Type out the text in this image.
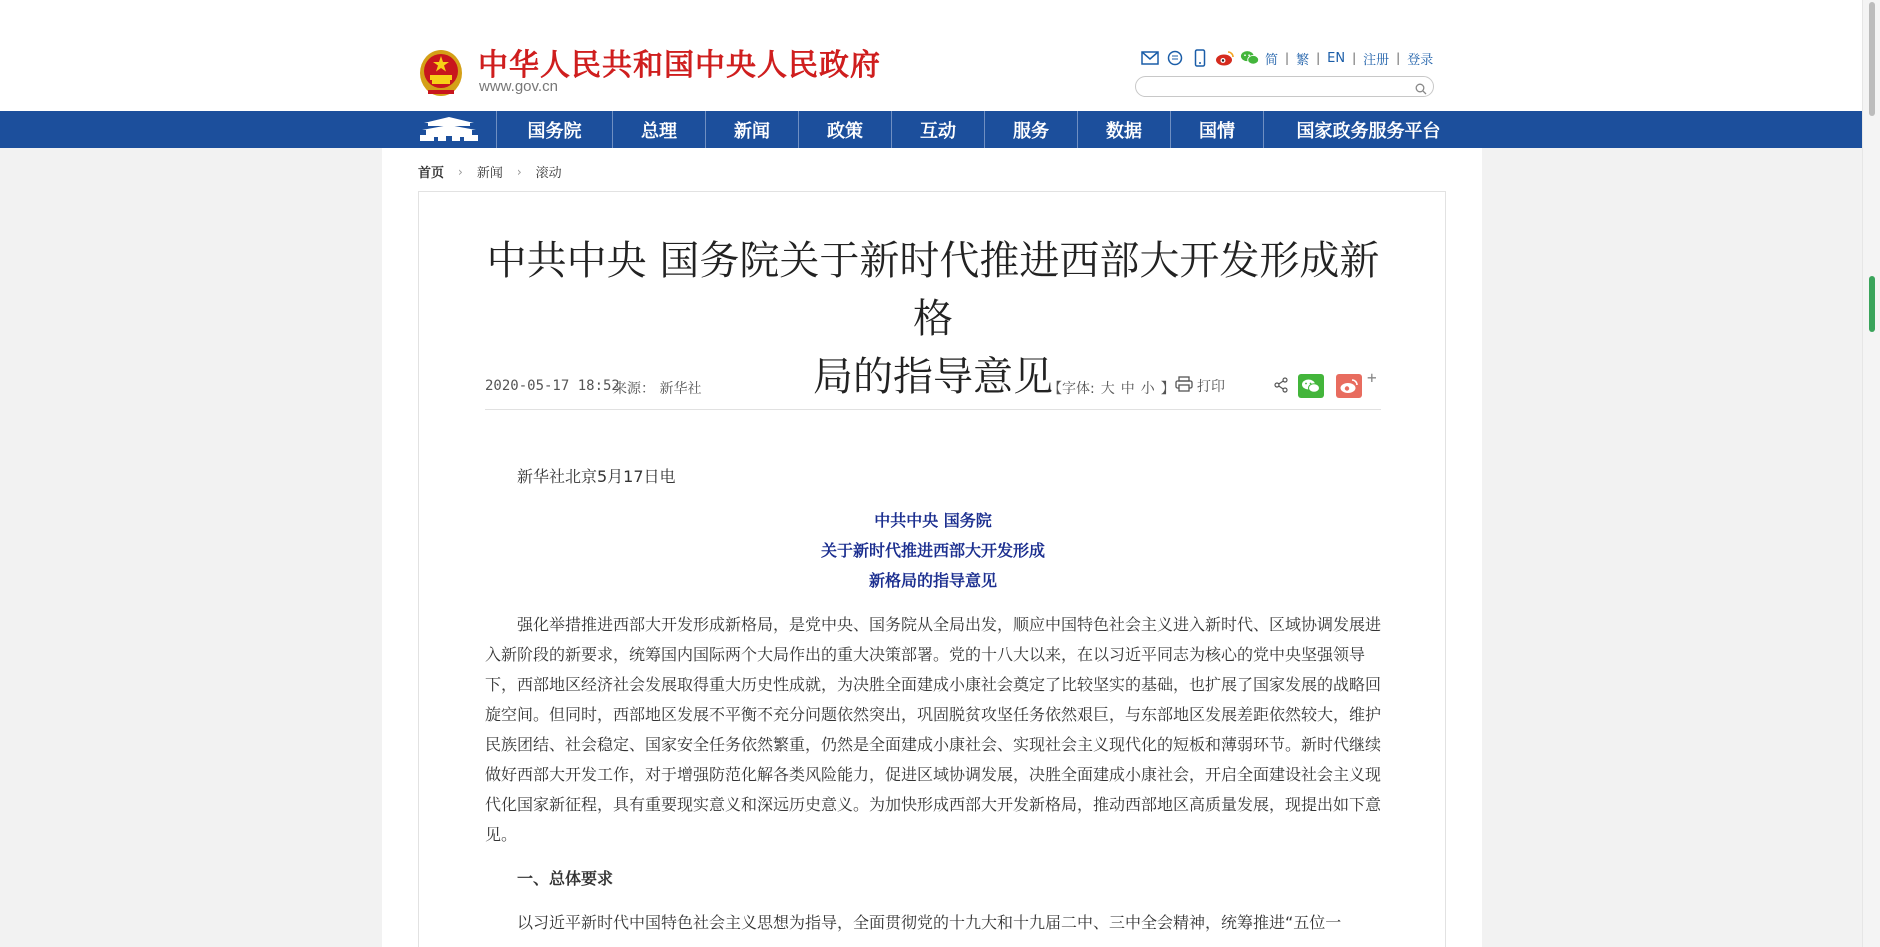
中华人民共和国中央人民政府
www.gov.cn
简 | 繁 | EN | 注册 | 登录
国务院	总理	新闻	政策	互动	服务	数据	国情	国家政务服务平台
首页	›	新闻	›	滚动
中共中央 国务院关于新时代推进西部大开发形成新格
局的指导意见
2020-05-17 18:52
来源： 新华社	【字体: 大 中 小 】 打印	+
新华社北京5月17日电
中共中央 国务院
关于新时代推进西部大开发形成
新格局的指导意见
强化举措推进西部大开发形成新格局，是党中央、国务院从全局出发，顺应中国特色社会主义进入新时代、区域协调发展进入新阶段的新要求，统筹国内国际两个大局作出的重大决策部署。党的十八大以来，在以习近平同志为核心的党中央坚强领导下，西部地区经济社会发展取得重大历史性成就，为决胜全面建成小康社会奠定了比较坚实的基础，也扩展了国家发展的战略回旋空间。但同时，西部地区发展不平衡不充分问题依然突出，巩固脱贫攻坚任务依然艰巨，与东部地区发展差距依然较大，维护民族团结、社会稳定、国家安全任务依然繁重，仍然是全面建成小康社会、实现社会主义现代化的短板和薄弱环节。新时代继续做好西部大开发工作，对于增强防范化解各类风险能力，促进区域协调发展，决胜全面建成小康社会，开启全面建设社会主义现代化国家新征程，具有重要现实意义和深远历史意义。为加快形成西部大开发新格局，推动西部地区高质量发展，现提出如下意见。
一、总体要求
以习近平新时代中国特色社会主义思想为指导，全面贯彻党的十九大和十九届二中、三中全会精神，统筹推进“五位一
